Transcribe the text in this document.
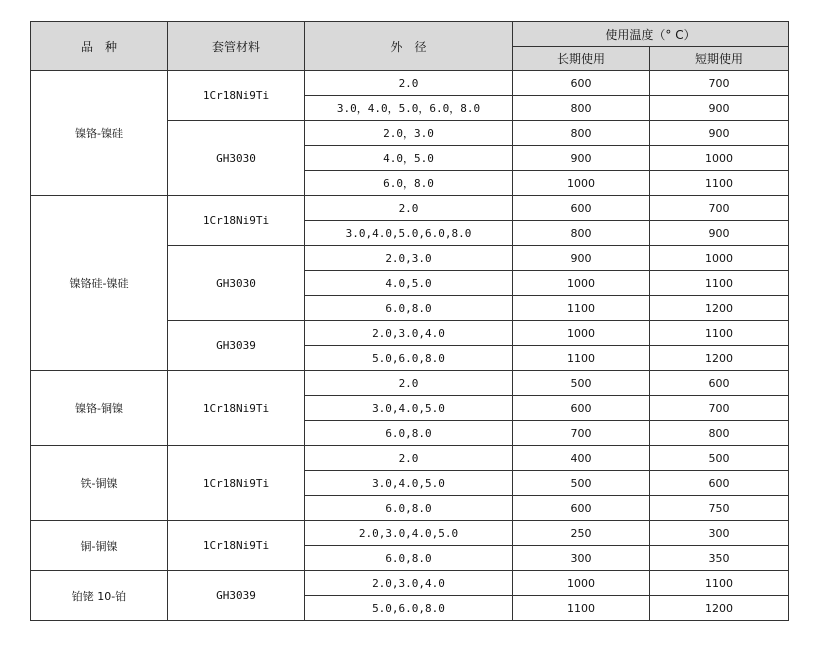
品　种	套管材料	外　径	使用温度（° C）	
			长期使用	短期使用
镍铬-镍硅	1Cr18Ni9Ti	2.0	600	700
		3.0，4.0，5.0，6.0，8.0	800	900
	GH3030	2.0，3.0	800	900
		4.0，5.0	900	1000
		6.0，8.0	1000	1100
镍铬硅-镍硅	1Cr18Ni9Ti	2.0	600	700
		3.0,4.0,5.0,6.0,8.0	800	900
	GH3030	2.0,3.0	900	1000
		4.0,5.0	1000	1100
		6.0,8.0	1100	1200
	GH3039	2.0,3.0,4.0	1000	1100
		5.0,6.0,8.0	1100	1200
镍铬-铜镍	1Cr18Ni9Ti	2.0	500	600
		3.0,4.0,5.0	600	700
		6.0,8.0	700	800
铁-铜镍	1Cr18Ni9Ti	2.0	400	500
		3.0,4.0,5.0	500	600
		6.0,8.0	600	750
铜-铜镍	1Cr18Ni9Ti	2.0,3.0,4.0,5.0	250	300
		6.0,8.0	300	350
铂铑 10-铂	GH3039	2.0,3.0,4.0	1000	1100
		5.0,6.0,8.0	1100	1200
